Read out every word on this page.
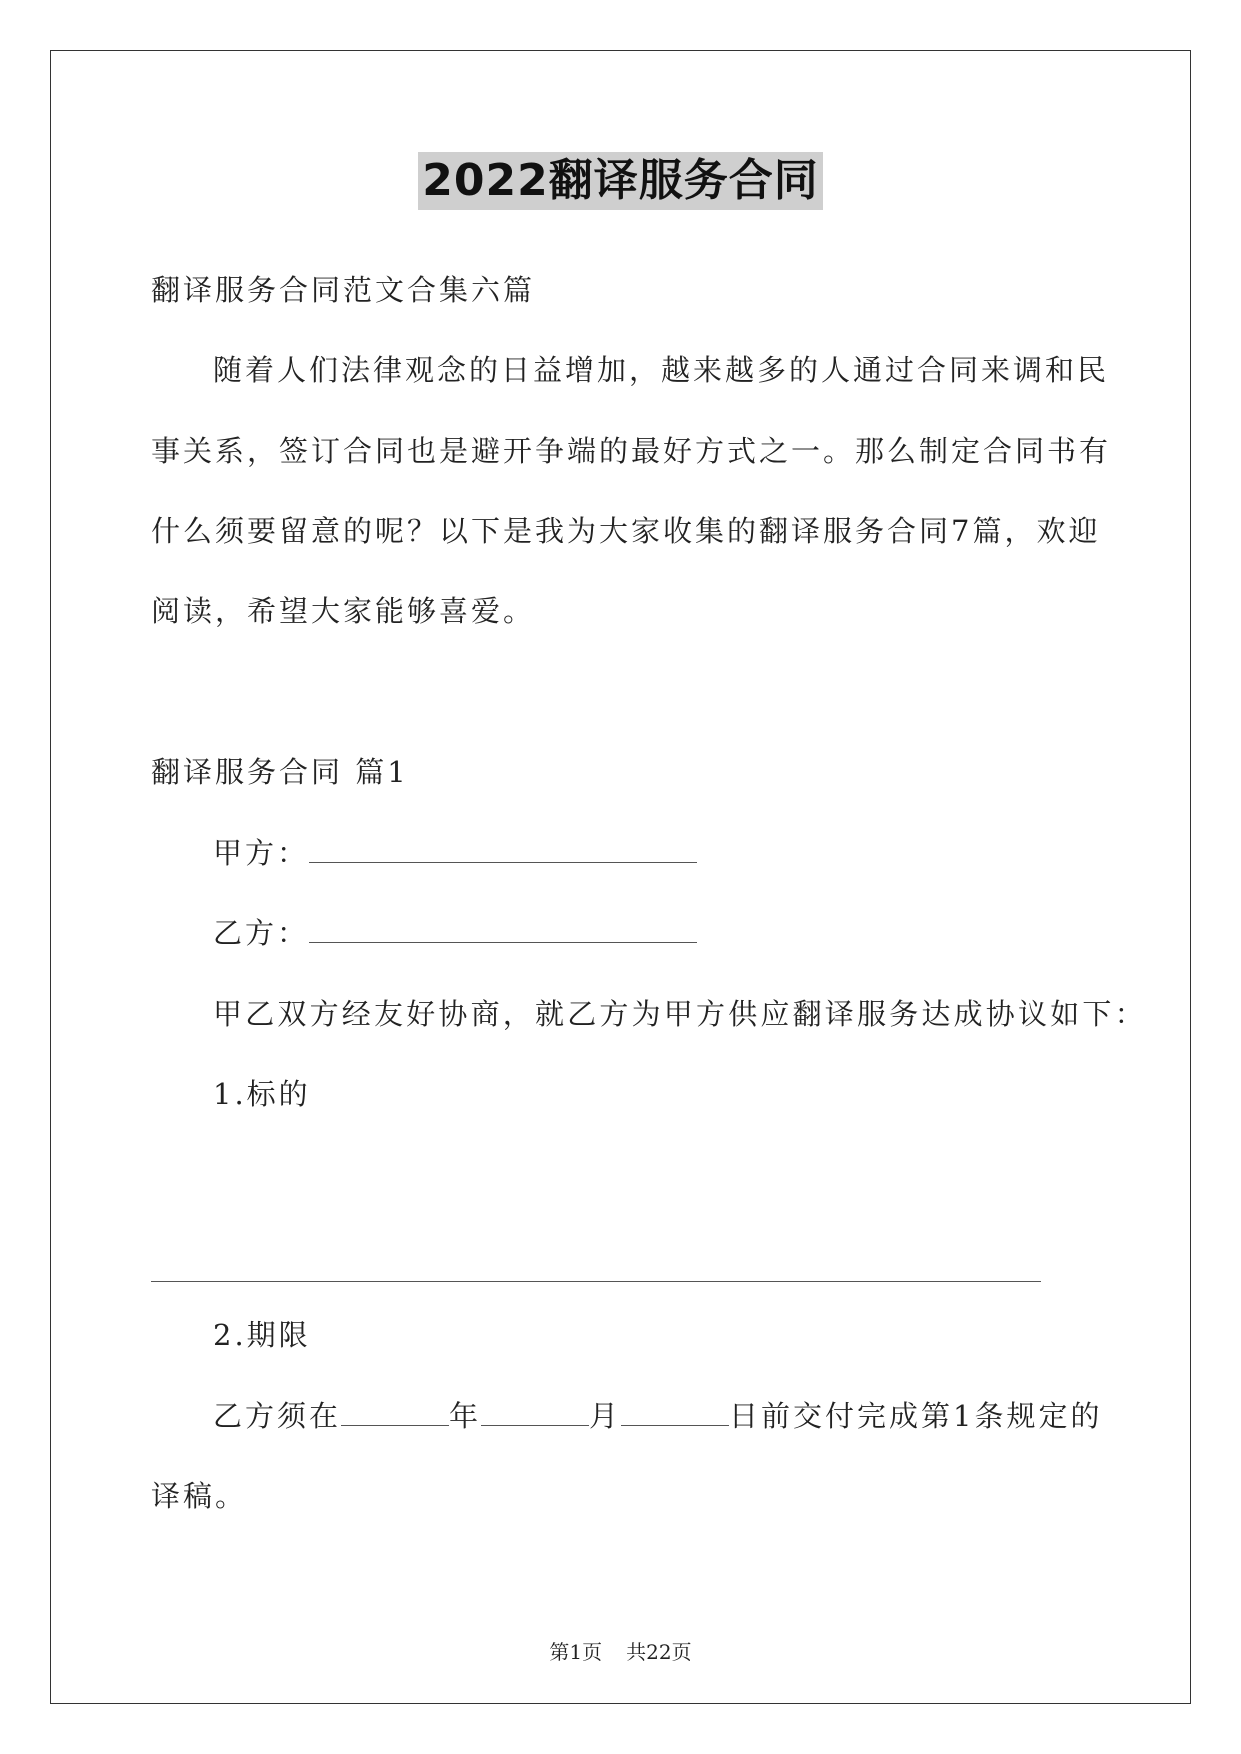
2022翻译服务合同
翻译服务合同范文合集六篇
随着人们法律观念的日益增加，越来越多的人通过合同来调和民
事关系，签订合同也是避开争端的最好方式之一。那么制定合同书有
什么须要留意的呢？以下是我为大家收集的翻译服务合同7篇，欢迎
阅读，希望大家能够喜爱。
翻译服务合同 篇1
甲方：
乙方：
甲乙双方经友好协商，就乙方为甲方供应翻译服务达成协议如下：
1.标的
2.期限
乙方须在	年	月	日前交付完成第1条规定的
译稿。
第1页 共22页
